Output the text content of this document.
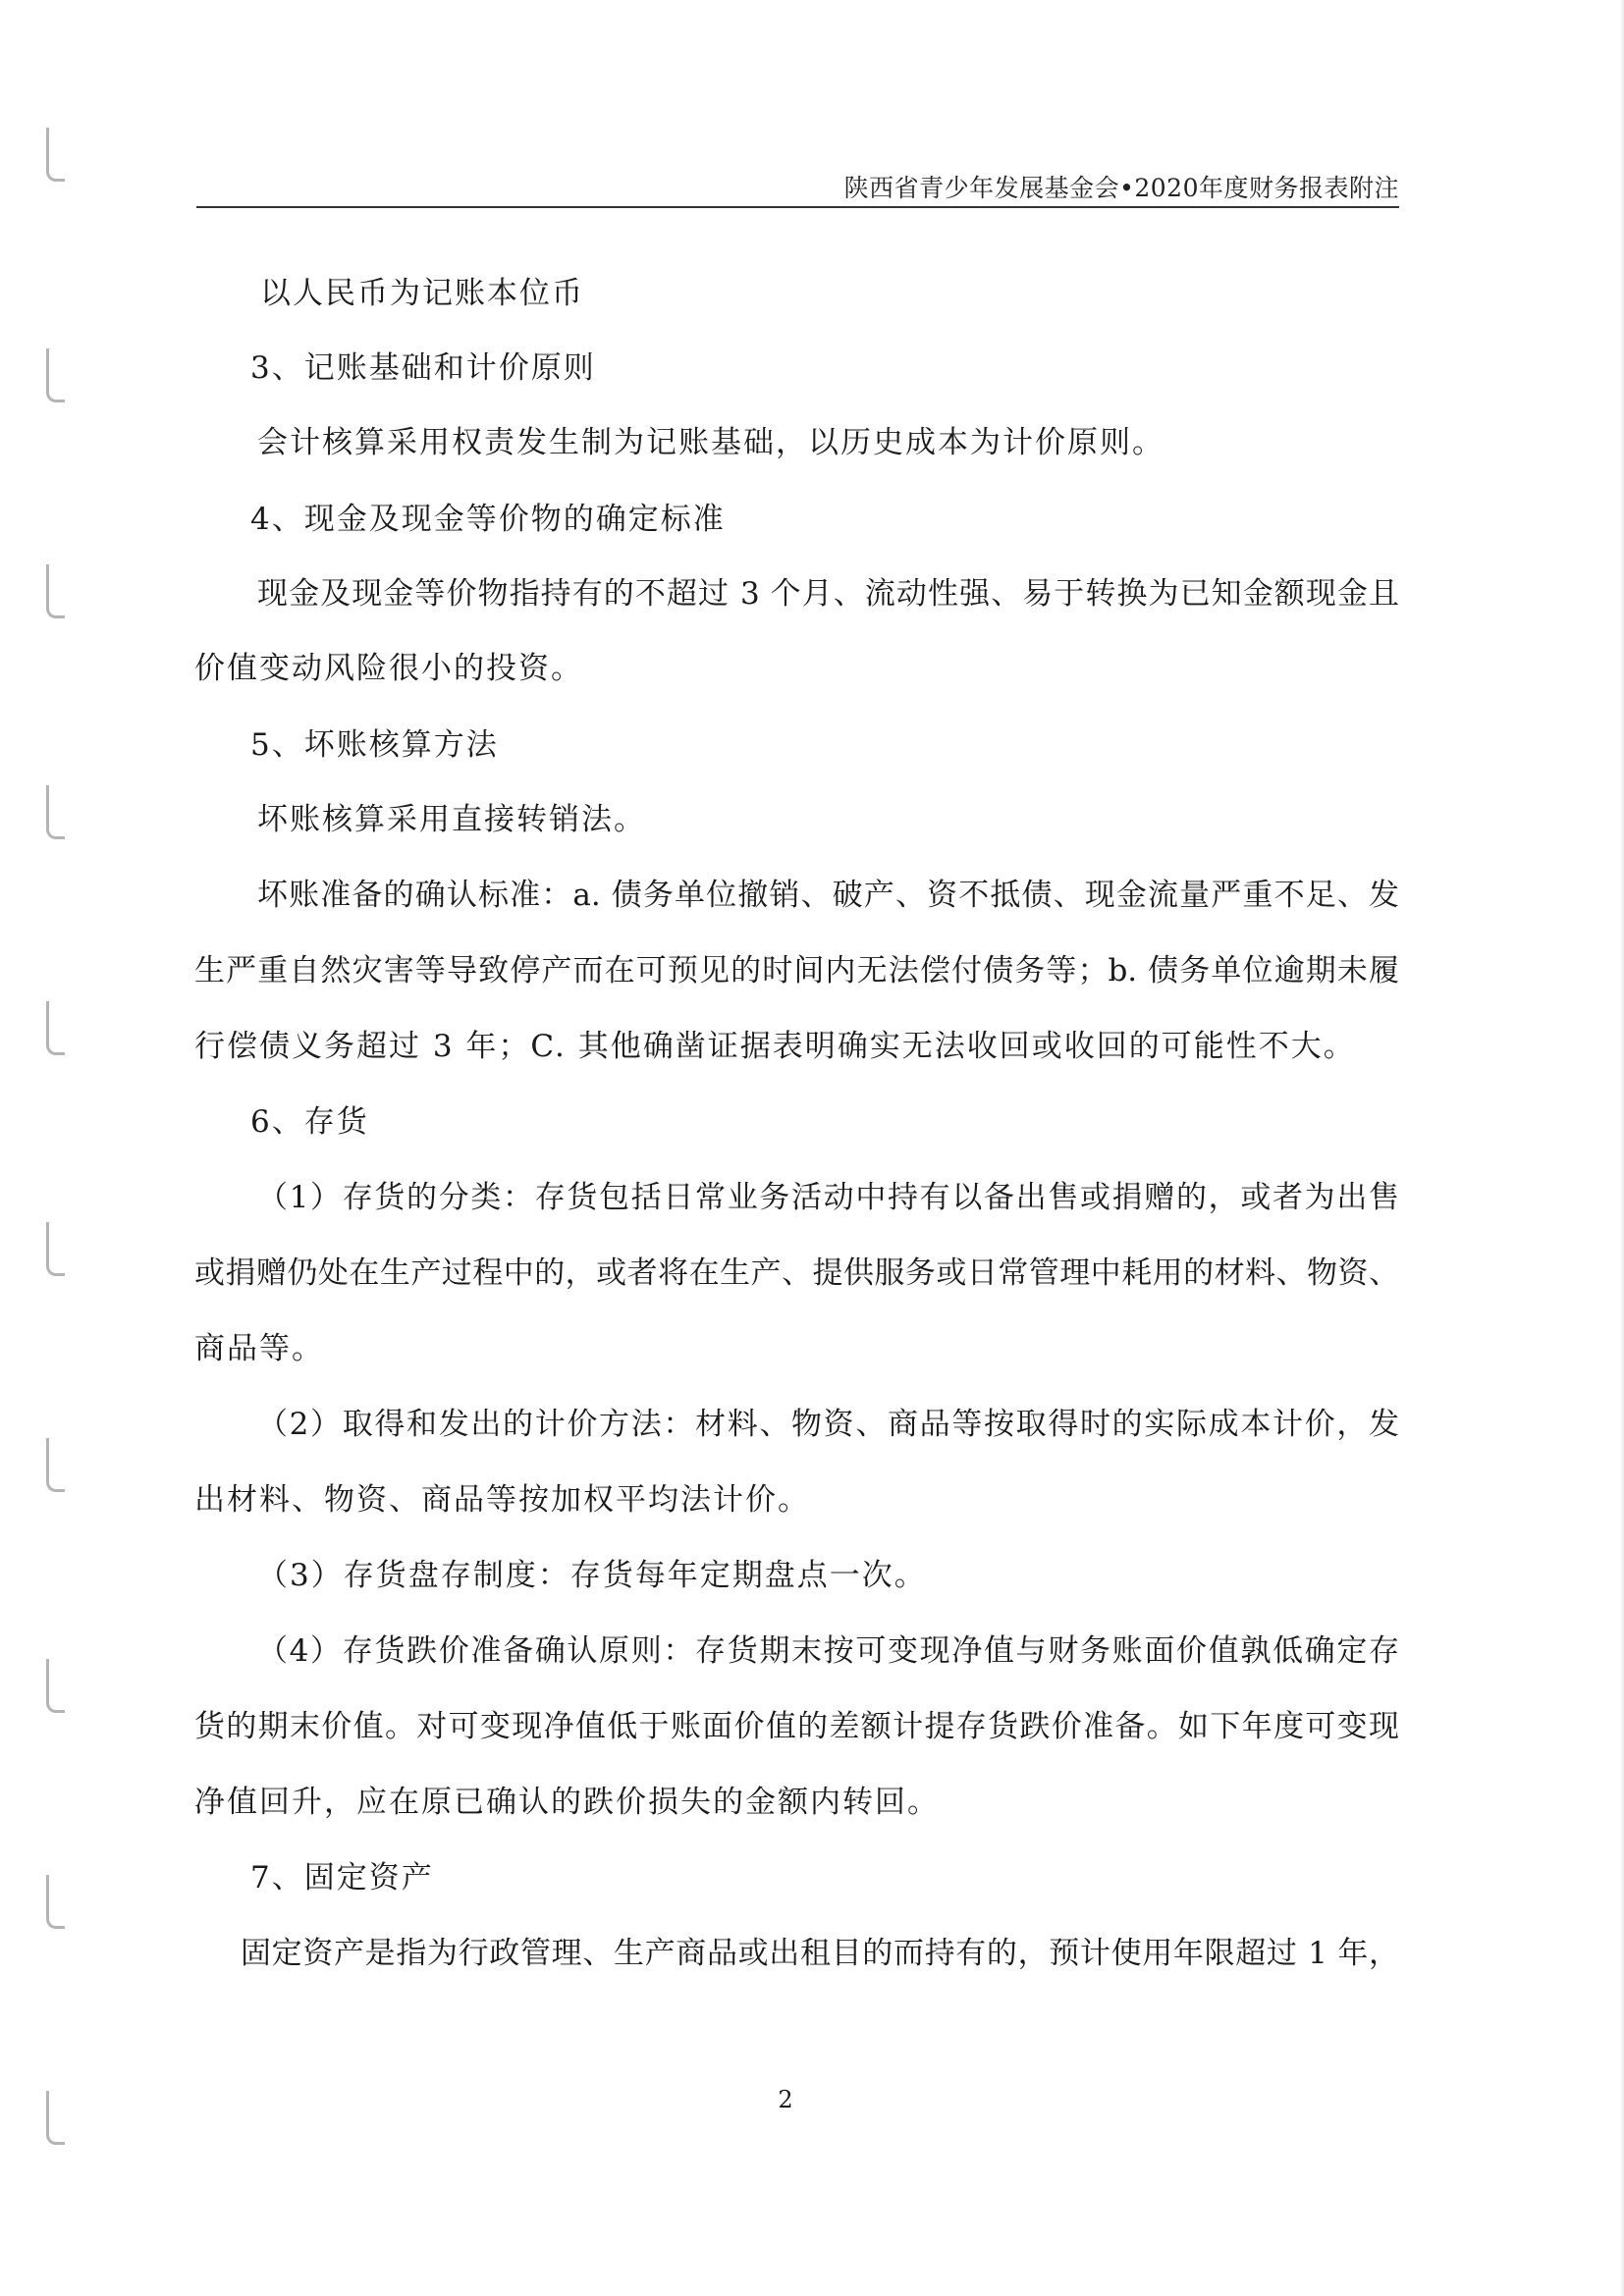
陕西省青少年发展基金会•2020年度财务报表附注
以人民币为记账本位币
3、记账基础和计价原则
会计核算采用权责发生制为记账基础，以历史成本为计价原则。
4、现金及现金等价物的确定标准
现金及现金等价物指持有的不超过 3 个月、流动性强、易于转换为已知金额现金且
价值变动风险很小的投资。
5、坏账核算方法
坏账核算采用直接转销法。
坏账准备的确认标准：a. 债务单位撤销、破产、资不抵债、现金流量严重不足、发
生严重自然灾害等导致停产而在可预见的时间内无法偿付债务等；b. 债务单位逾期未履
行偿债义务超过 3 年；C. 其他确凿证据表明确实无法收回或收回的可能性不大。
6、存货
（1）存货的分类：存货包括日常业务活动中持有以备出售或捐赠的，或者为出售
或捐赠仍处在生产过程中的，或者将在生产、提供服务或日常管理中耗用的材料、物资、
商品等。
（2）取得和发出的计价方法：材料、物资、商品等按取得时的实际成本计价，发
出材料、物资、商品等按加权平均法计价。
（3）存货盘存制度：存货每年定期盘点一次。
（4）存货跌价准备确认原则：存货期末按可变现净值与财务账面价值孰低确定存
货的期末价值。对可变现净值低于账面价值的差额计提存货跌价准备。如下年度可变现
净值回升，应在原已确认的跌价损失的金额内转回。
7、固定资产
固定资产是指为行政管理、生产商品或出租目的而持有的，预计使用年限超过 1 年，
2
